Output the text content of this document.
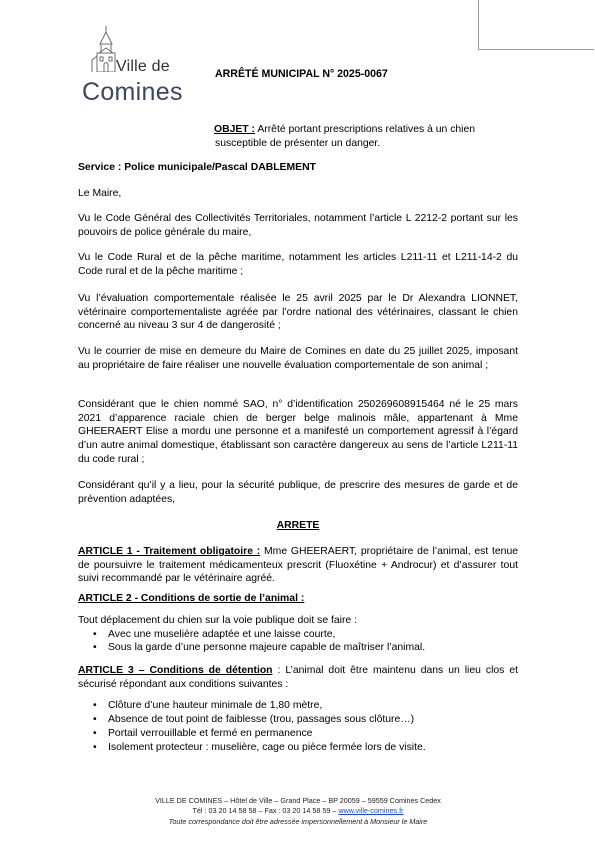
Ville de
Comines
ARRÊTÉ MUNICIPAL N° 2025-0067
OBJET : Arrêté portant prescriptions relatives à un chien
susceptible de présenter un danger.

Service : Police municipale/Pascal DABLEMENT

Le Maire,

Vu le Code Général des Collectivités Territoriales, notamment l’article L 2212-2 portant sur les pouvoirs de police générale du maire,

Vu le Code Rural et de la pêche maritime, notamment les articles L211-11 et L211-14-2 du Code rural et de la pêche maritime ;

Vu l’évaluation comportementale réalisée le 25 avril 2025 par le Dr Alexandra LIONNET, vétérinaire comportementaliste agréée par l’ordre national des vétérinaires, classant le chien concerné au niveau 3 sur 4 de dangerosité ;

Vu le courrier de mise en demeure du Maire de Comines en date du 25 juillet 2025, imposant au propriétaire de faire réaliser une nouvelle évaluation comportementale de son animal ;

Considérant que le chien nommé SAO, n° d’identification 250269608915464 né le 25 mars 2021 d’apparence raciale chien de berger belge malinois mâle, appartenant à Mme GHEERAERT Elise a mordu une personne et a manifesté un comportement agressif à l’égard d’un autre animal domestique, établissant son caractère dangereux au sens de l’article L211-11 du code rural ;

Considérant qu’il y a lieu, pour la sécurité publique, de prescrire des mesures de garde et de prévention adaptées,

ARRETE

ARTICLE 1 - Traitement obligatoire : Mme GHEERAERT, propriétaire de l’animal, est tenue de poursuivre le traitement médicamenteux prescrit (Fluoxétine + Androcur) et d’assurer tout suivi recommandé par le vétérinaire agréé.

ARTICLE 2 - Conditions de sortie de l’animal :

Tout déplacement du chien sur la voie publique doit se faire :

• Avec une muselière adaptée et une laisse courte,
• Sous la garde d’une personne majeure capable de maîtriser l’animal.

ARTICLE 3 – Conditions de détention : L’animal doit être maintenu dans un lieu clos et sécurisé répondant aux conditions suivantes :

• Clôture d’une hauteur minimale de 1,80 mètre,
• Absence de tout point de faiblesse (trou, passages sous clôture…)
• Portail verrouillable et fermé en permanence
• Isolement protecteur : muselière, cage ou pièce fermée lors de visite.
VILLE DE COMINES – Hôtel de Ville – Grand Place – BP 20059 – 59559 Comines Cedex
Tél : 03 20 14 58 58 – Fax : 03 20 14 58 59 – www.ville-comines.fr
Toute correspondance doit être adressée impersonnellement à Monsieur le Maire
